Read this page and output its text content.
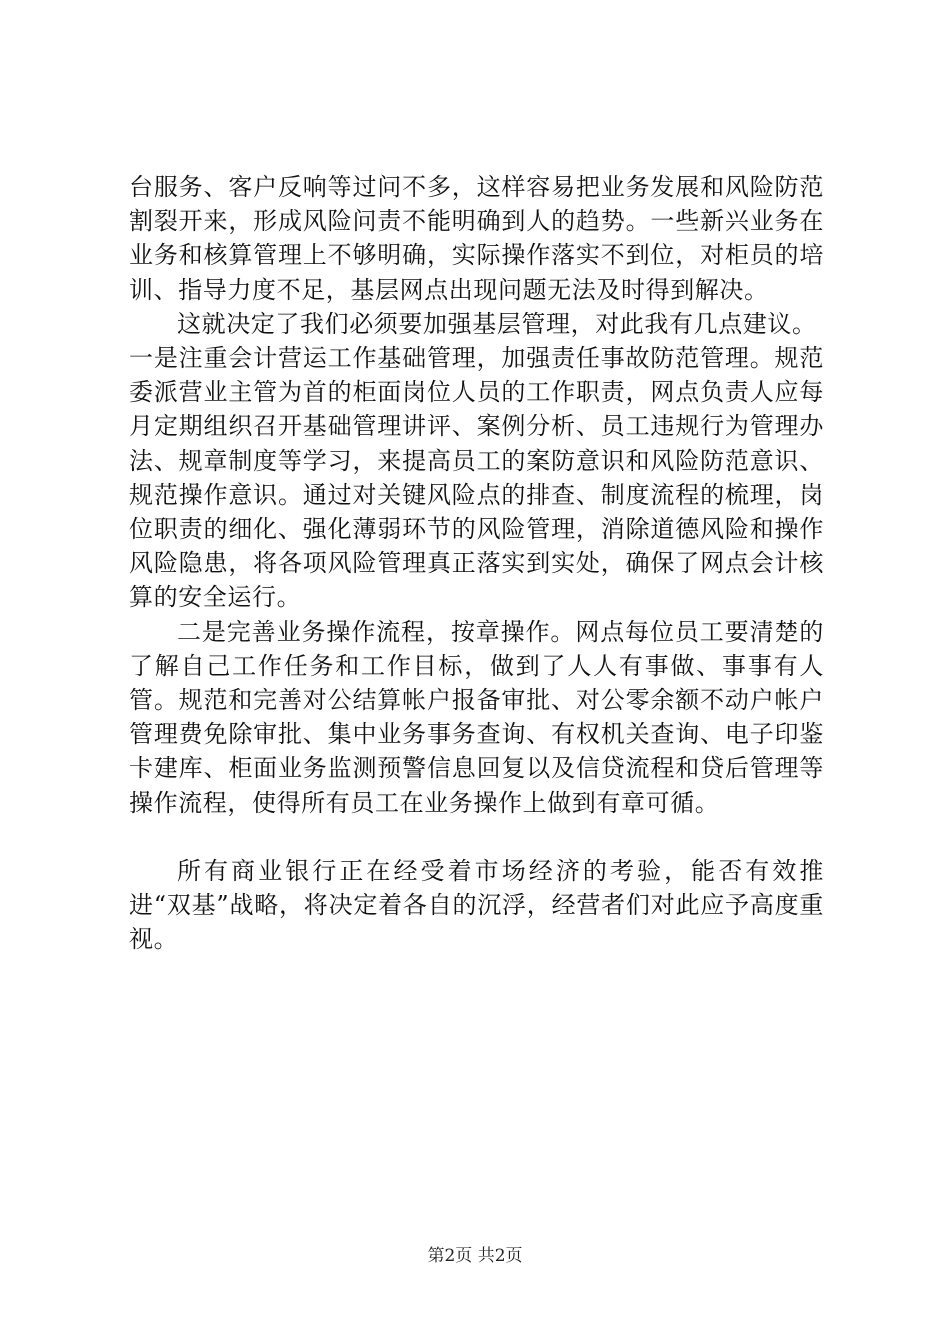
台服务、客户反响等过问不多，这样容易把业务发展和风险防范割裂开来，形成风险问责不能明确到人的趋势。一些新兴业务在业务和核算管理上不够明确，实际操作落实不到位，对柜员的培训、指导力度不足，基层网点出现问题无法及时得到解决。

这就决定了我们必须要加强基层管理，对此我有几点建议。

一是注重会计营运工作基础管理，加强责任事故防范管理。规范委派营业主管为首的柜面岗位人员的工作职责，网点负责人应每月定期组织召开基础管理讲评、案例分析、员工违规行为管理办法、规章制度等学习，来提高员工的案防意识和风险防范意识、规范操作意识。通过对关键风险点的排查、制度流程的梳理，岗位职责的细化、强化薄弱环节的风险管理，消除道德风险和操作风险隐患，将各项风险管理真正落实到实处，确保了网点会计核算的安全运行。

二是完善业务操作流程，按章操作。网点每位员工要清楚的了解自己工作任务和工作目标，做到了人人有事做、事事有人管。规范和完善对公结算帐户报备审批、对公零余额不动户帐户管理费免除审批、集中业务事务查询、有权机关查询、电子印鉴卡建库、柜面业务监测预警信息回复以及信贷流程和贷后管理等操作流程，使得所有员工在业务操作上做到有章可循。

所有商业银行正在经受着市场经济的考验，能否有效推进“双基”战略，将决定着各自的沉浮，经营者们对此应予高度重视。

第2页 共2页
